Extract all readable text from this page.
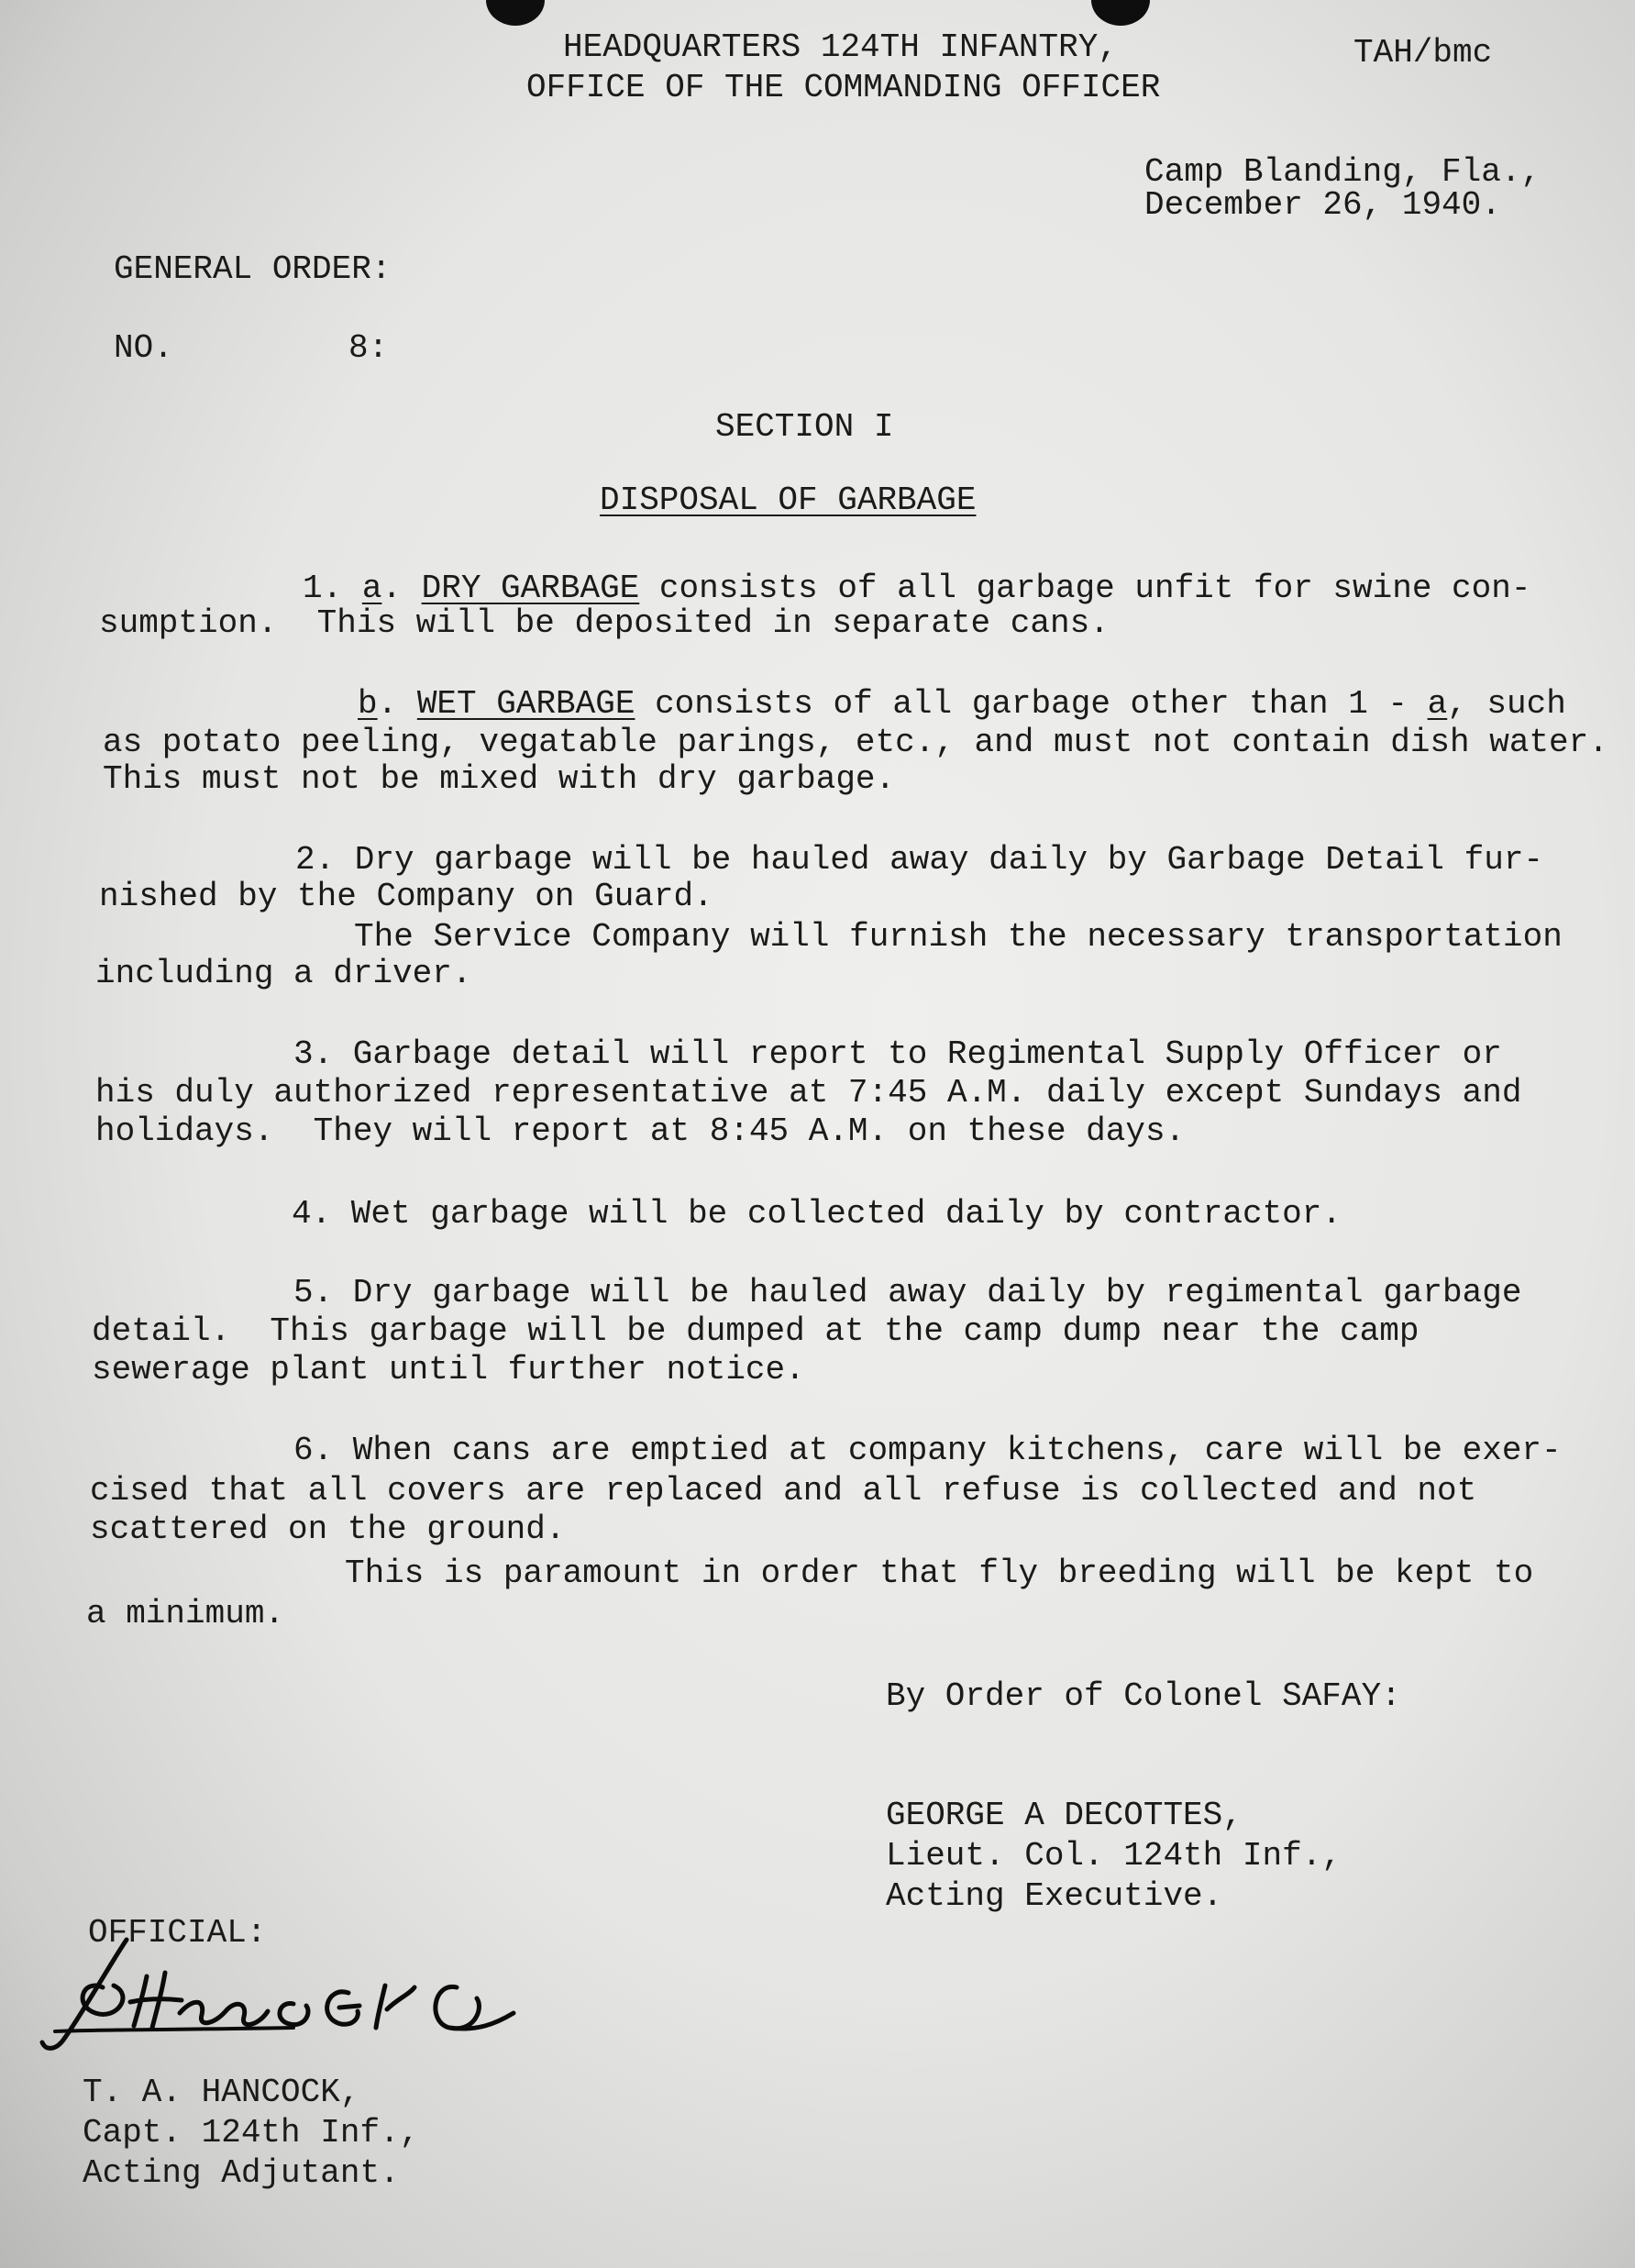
HEADQUARTERS 124TH INFANTRY,
OFFICE OF THE COMMANDING OFFICER
TAH/bmc
Camp Blanding, Fla.,
December 26, 1940.
GENERAL ORDER:
NO.	8:
SECTION I
DISPOSAL OF GARBAGE
1. a. DRY GARBAGE consists of all garbage unfit for swine con-
sumption.  This will be deposited in separate cans.
b. WET GARBAGE consists of all garbage other than 1 - a, such
as potato peeling, vegatable parings, etc., and must not contain dish water.
This must not be mixed with dry garbage.
2. Dry garbage will be hauled away daily by Garbage Detail fur-
nished by the Company on Guard.
The Service Company will furnish the necessary transportation
including a driver.
3. Garbage detail will report to Regimental Supply Officer or
his duly authorized representative at 7:45 A.M. daily except Sundays and
holidays.  They will report at 8:45 A.M. on these days.
4. Wet garbage will be collected daily by contractor.
5. Dry garbage will be hauled away daily by regimental garbage
detail.  This garbage will be dumped at the camp dump near the camp
sewerage plant until further notice.
6. When cans are emptied at company kitchens, care will be exer-
cised that all covers are replaced and all refuse is collected and not
scattered on the ground.
This is paramount in order that fly breeding will be kept to
a minimum.
By Order of Colonel SAFAY:
GEORGE A DECOTTES,
Lieut. Col. 124th Inf.,
Acting Executive.
OFFICIAL:
T. A. HANCOCK,
Capt. 124th Inf.,
Acting Adjutant.
